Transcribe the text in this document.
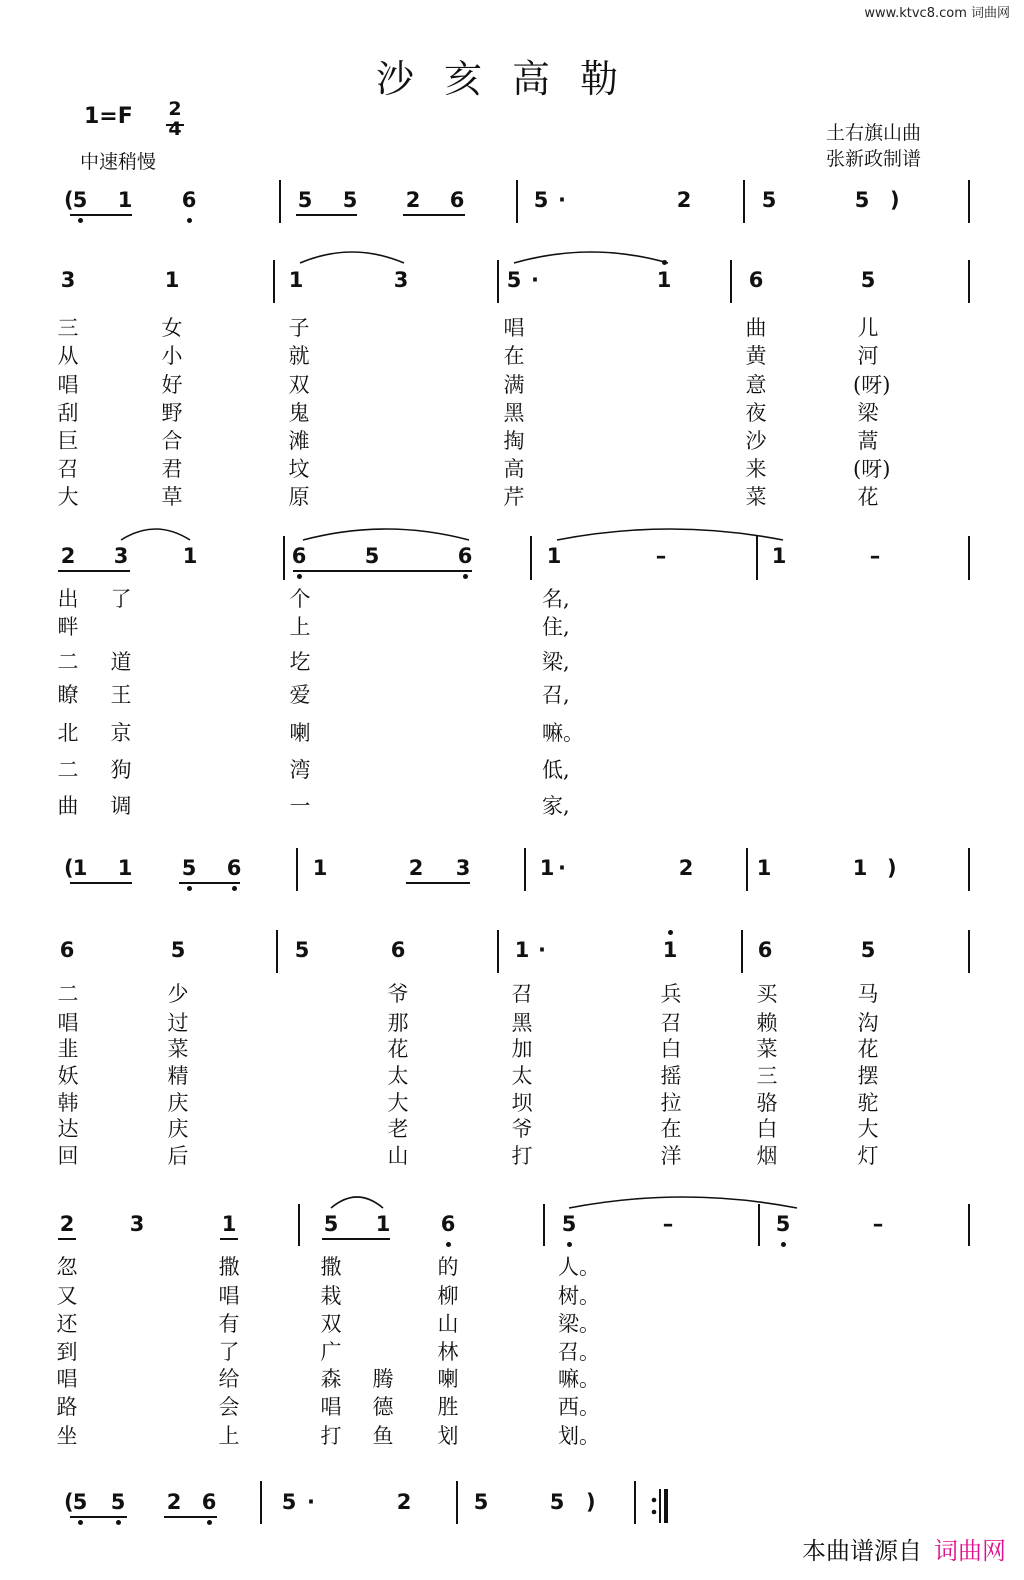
www.ktvc8.com 词曲网
沙亥高勒
1=F 2
4
中速稍慢
土右旗山曲
张新政制谱
本曲谱源自 词曲网
(	)
5 1 6	5 5 2 6	5	2	5	5
·
3	1	1	3	5	1	6	5
·
三	女	子	唱	曲	儿
从	小	就	在	黄	河
唱	好	双	满	意	(呀)
刮	野	鬼	黑	夜	梁
巨	合	滩	掏	沙	蒿
召	君	坟	高	来	(呀)
大	草	原	芹	菜	花
2 3	1	6	5	6	1	–	1	–
出 了	个	名,
畔	上	住,
二 道	圪	梁,
瞭 王	爱	召,
北 京	喇	嘛。
二 狗	湾	低,
曲 调	一	家,
(	)
1 1 5 6	1	2 3	1	2	1	1
·
6	5	5	6	1	1	6	5
·
二	少	爷	召	兵	买	马
唱	过	那	黑	召	赖	沟
韭	菜	花	加	白	菜	花
妖	精	太	太	摇	三	摆
韩	庆	大	坝	拉	骆	驼
达	庆	老	爷	在	白	大
回	后	山	打	洋	烟	灯
2	3	1	5 1 6	5	–	5	–
忽	撒	撒	的	人。
又	唱	栽	柳	树。
还	有	双	山	梁。
到	了	广	林	召。
唱	给	森 腾 喇	嘛。
路	会	唱 德 胜	西。
坐	上	打 鱼 划	划。
(	)
5 5 2 6	5	2	5	5
·
